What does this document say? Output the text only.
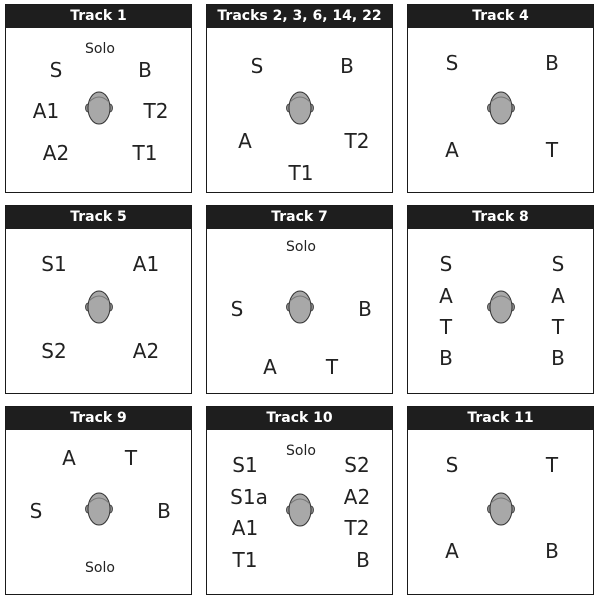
Track 1
Solo
S	B
A1	T2
A2	T1
Tracks 2, 3, 6, 14, 22
S	B
A	T2
T1
Track 4
S	B
A	T
Track 5
S1	A1
S2	A2
Track 7
Solo
S	B
A T
Track 8
S	S
A	A
T	T
B	B
Track 9
A T
S	B
Solo
Track 10
Solo
S1	S2
S1a	A2
A1	T2
T1	B
Track 11
S	T
A	B
